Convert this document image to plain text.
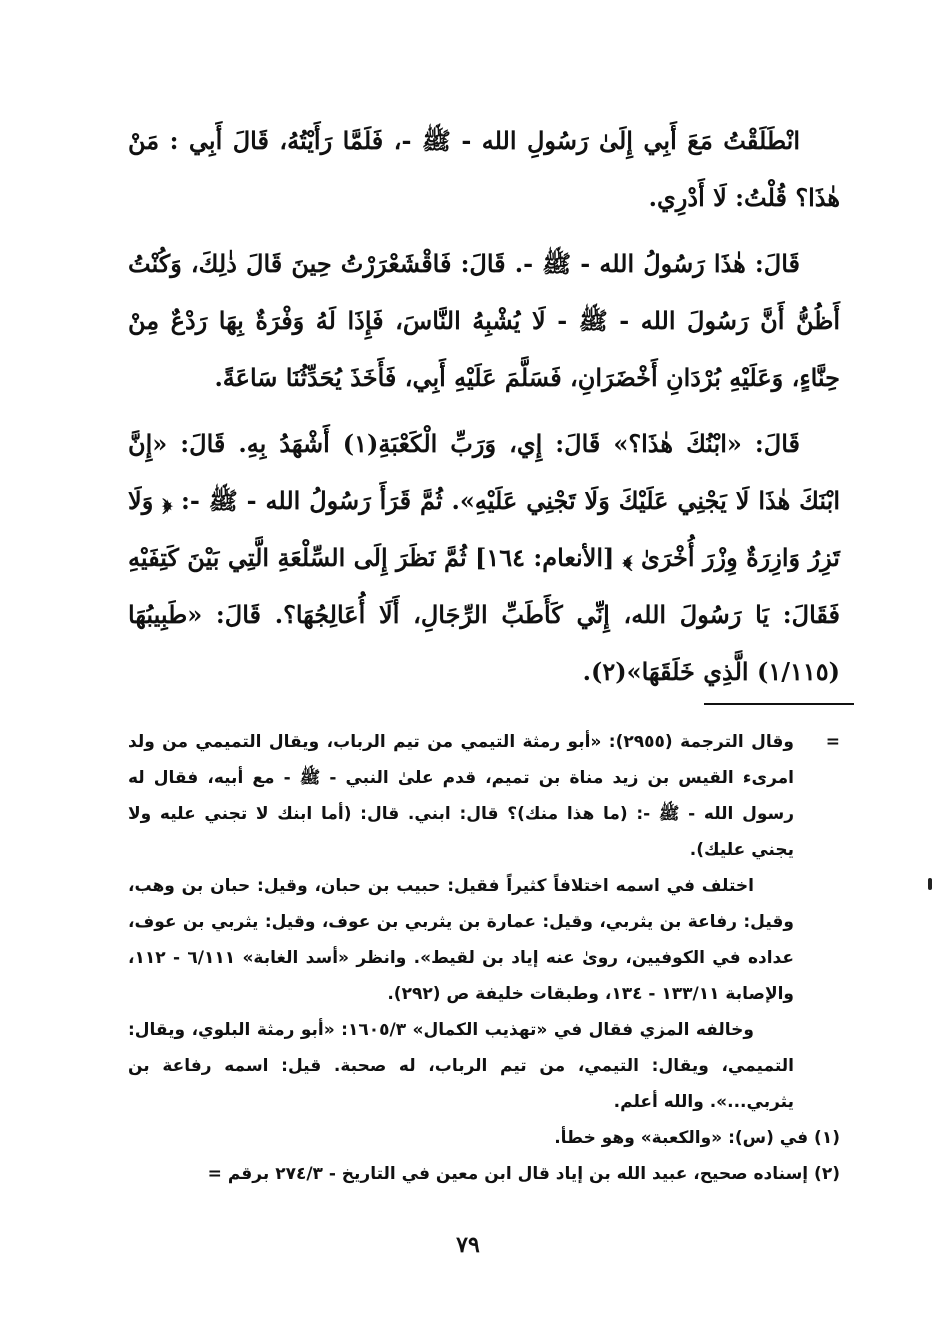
انْطَلَقْتُ مَعَ أَبِي إِلَىٰ رَسُولِ الله - ﷺ -، فَلَمَّا رَأَيْتُهُ، قَالَ أَبِي : مَنْ هٰذَا؟ قُلْتُ: لَا أَدْرِي.

قَالَ: هٰذَا رَسُولُ الله - ﷺ -. قَالَ: فَاقْشَعْرَرْتُ حِينَ قَالَ ذٰلِكَ، وَكُنْتُ أَظُنُّ أَنَّ رَسُولَ الله - ﷺ - لَا يُشْبِهُ النَّاسَ، فَإِذَا لَهُ وَفْرَةٌ بِهَا رَدْعٌ مِنْ حِنَّاءٍ، وَعَلَيْهِ بُرْدَانِ أَخْضَرَانِ، فَسَلَّمَ عَلَيْهِ أَبِي، فَأَخَذَ يُحَدِّثُنَا سَاعَةً.

قَالَ: «ابْنُكَ هٰذَا؟» قَالَ: إِي، وَرَبِّ الْكَعْبَةِ(١) أَشْهَدُ بِهِ. قَالَ: «إِنَّ ابْنَكَ هٰذَا لَا يَجْنِي عَلَيْكَ وَلَا تَجْنِي عَلَيْهِ». ثُمَّ قَرَأَ رَسُولُ الله - ﷺ -: ﴿ وَلَا تَزِرُ وَازِرَةٌ وِزْرَ أُخْرَىٰ ﴾ [الأنعام: ١٦٤] ثُمَّ نَظَرَ إِلَى السِّلْعَةِ الَّتِي بَيْنَ كَتِفَيْهِ فَقَالَ: يَا رَسُولَ الله، إِنِّي كَأَطَبِّ الرِّجَالِ، أَلَا أُعَالِجُهَا؟. قَالَ: «طَبِيبُهَا (١/١١٥) الَّذِي خَلَقَهَا»(٢).

=
وقال الترجمة (٢٩٥٥): «أبو رمثة التيمي من تيم الرباب، ويقال التميمي من ولد امرىء القيس بن زيد مناة بن تميم، قدم علىٰ النبي - ﷺ - مع أبيه، فقال له رسول الله - ﷺ -: (ما هذا منك)؟ قال: ابني. قال: (أما ابنك لا تجني عليه ولا يجني عليك).

اختلف في اسمه اختلافاً كثيراً فقيل: حبيب بن حبان، وقيل: حبان بن وهب، وقيل: رفاعة بن يثربي، وقيل: عمارة بن يثربي بن عوف، وقيل: يثربي بن عوف، عداده في الكوفيين، روىٰ عنه إياد بن لقيط». وانظر «أسد الغابة» ٦/١١١ - ١١٢، والإصابة ١٣٣/١١ - ١٣٤، وطبقات خليفة ص (٢٩٢).

وخالفه المزي فقال في «تهذيب الكمال» ١٦٠٥/٣: «أبو رمثة البلوي، ويقال: التميمي، ويقال: التيمي، من تيم الرباب، له صحبة. قيل: اسمه رفاعة بن يثربي...». والله أعلم.

(١) في (س): «والكعبة» وهو خطأ.

(٢) إسناده صحيح، عبيد الله بن إياد قال ابن معين في التاريخ - ٢٧٤/٣ برقم =

٧٩
